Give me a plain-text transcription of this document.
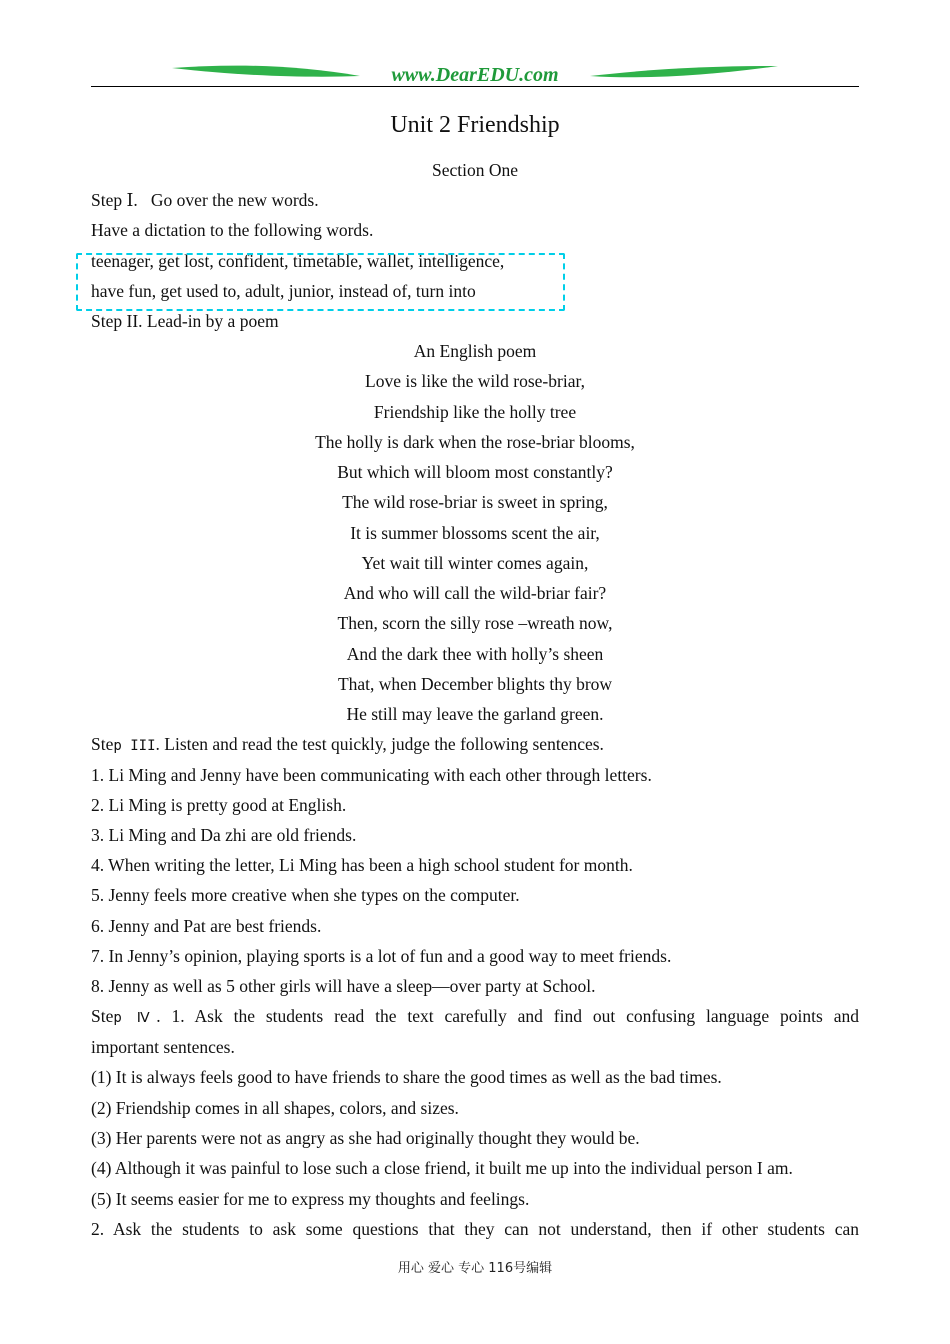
www.DearEDU.com
Unit 2 Friendship
Section One
Step Ⅰ.   Go over the new words.
Have a dictation to the following words.
teenager, get lost, confident, timetable, wallet, intelligence,
have fun, get used to, adult, junior, instead of, turn into
Step II. Lead-in by a poem
An English poem
Love is like the wild rose-briar,
Friendship like the holly tree
The holly is dark when the rose-briar blooms,
But which will bloom most constantly?
The wild rose-briar is sweet in spring,
It is summer blossoms scent the air,
Yet wait till winter comes again,
And who will call the wild-briar fair?
Then, scorn the silly rose –wreath now,
And the dark thee with holly’s sheen
That, when December blights thy brow
He still may leave the garland green.
Step III. Listen and read the test quickly, judge the following sentences.
1. Li Ming and Jenny have been communicating with each other through letters.
2. Li Ming is pretty good at English.
3. Li Ming and Da zhi are old friends.
4. When writing the letter, Li Ming has been a high school student for month.
5. Jenny feels more creative when she types on the computer.
6. Jenny and Pat are best friends.
7. In Jenny’s opinion, playing sports is a lot of fun and a good way to meet friends.
8. Jenny as well as 5 other girls will have a sleep—over party at School.
Step Ⅳ. 1. Ask the students read the text carefully and find out confusing language points and
important sentences.
(1) It is always feels good to have friends to share the good times as well as the bad times.
(2) Friendship comes in all shapes, colors, and sizes.
(3) Her parents were not as angry as she had originally thought they would be.
(4) Although it was painful to lose such a close friend, it built me up into the individual person I am.
(5) It seems easier for me to express my thoughts and feelings.
2. Ask the students to ask some questions that they can not understand, then if other students can
用心 爱心 专心 116号编辑
